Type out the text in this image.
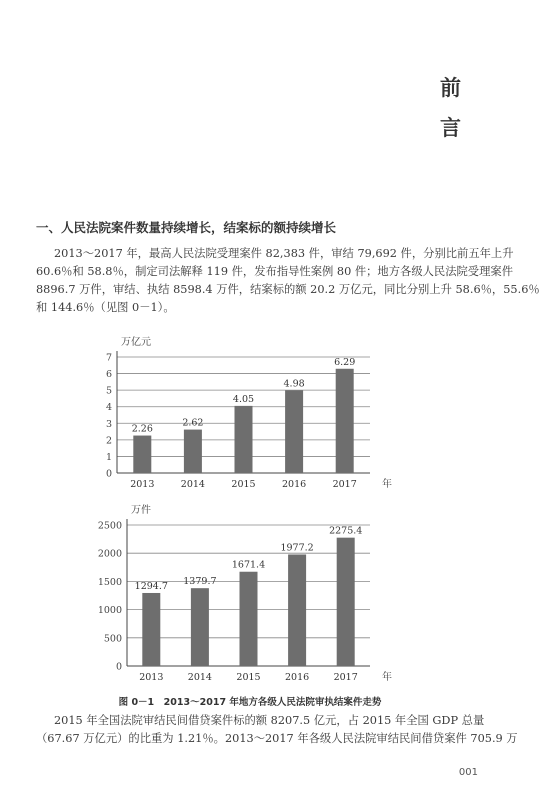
前
言
一、人民法院案件数量持续增长，结案标的额持续增长
2013～2017 年，最高人民法院受理案件 82,383 件，审结 79,692 件，分别比前五年上升
60.6％和 58.8％，制定司法解释 119 件，发布指导性案例 80 件；地方各级人民法院受理案件
8896.7 万件，审结、执结 8598.4 万件，结案标的额 20.2 万亿元，同比分别上升 58.6％，55.6％
和 144.6％（见图 0－1）。
0
1
2
3
4
5
6
7
万亿元
年
2.26
2013
2.62
2014
4.05
2015
4.98
2016
6.29
2017
0
500
1000
1500
2000
2500
万件
年
1294.7
2013
1379.7
2014
1671.4
2015
1977.2
2016
2275.4
2017
图 0－1　2013～2017 年地方各级人民法院审执结案件走势
2015 年全国法院审结民间借贷案件标的额 8207.5 亿元，占 2015 年全国 GDP 总量
（67.67 万亿元）的比重为 1.21％。2013～2017 年各级人民法院审结民间借贷案件 705.9 万
001
